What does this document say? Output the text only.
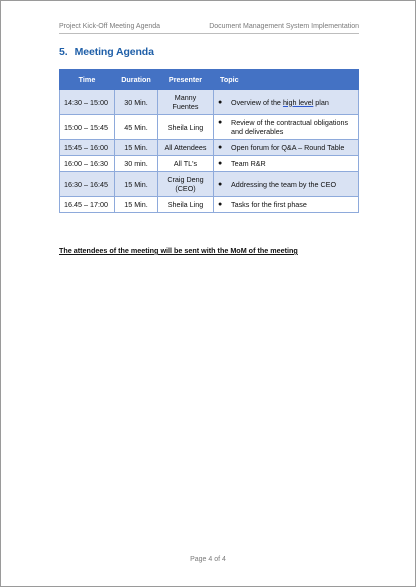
Project Kick-Off Meeting Agenda	Document Management System Implementation
5. Meeting Agenda
Time	Duration	Presenter	Topic
14:30 – 15:00	30 Min.	Manny Fuentes	● Overview of the high level plan

15:00 – 15:45	45 Min.	Sheila Ling	● Review of the contractual obligations and deliverables

15:45 – 16:00	15 Min.	All Attendees	● Open forum for Q&A – Round Table

16:00 – 16:30	30 min.	All TL's	● Team R&R

16:30 – 16:45	15 Min.	Craig Deng (CEO)	● Addressing the team by the CEO

16.45 – 17:00	15 Min.	Sheila Ling	● Tasks for the first phase
The attendees of the meeting will be sent with the MoM of the meeting
Page 4 of 4
